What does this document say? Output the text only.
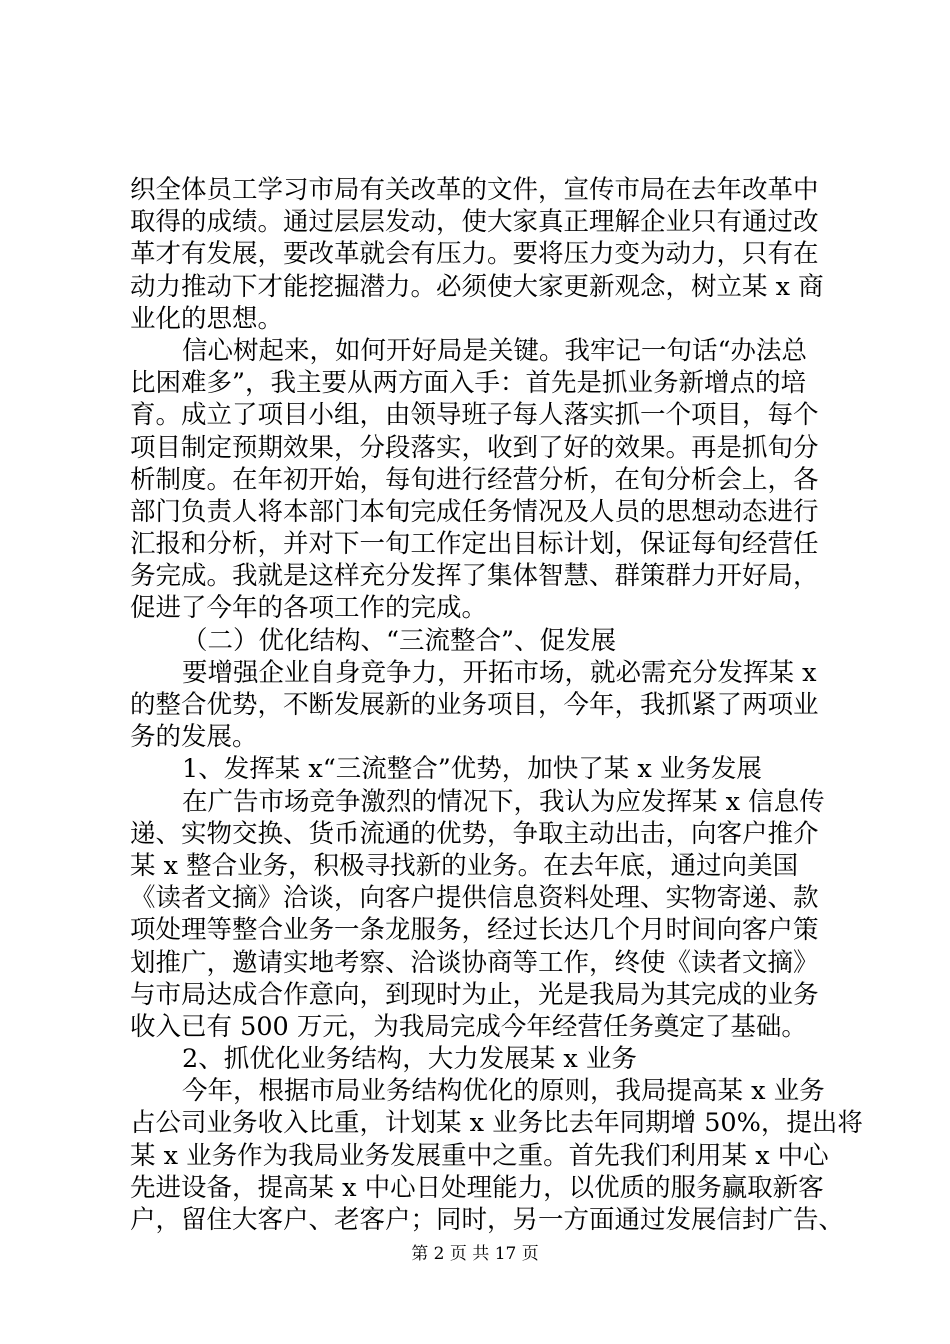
织全体员工学习市局有关改革的文件，宣传市局在去年改革中
取得的成绩。通过层层发动，使大家真正理解企业只有通过改
革才有发展，要改革就会有压力。要将压力变为动力，只有在
动力推动下才能挖掘潜力。必须使大家更新观念，树立某 x 商
业化的思想。
信心树起来，如何开好局是关键。我牢记一句话“办法总
比困难多”，我主要从两方面入手：首先是抓业务新增点的培
育。成立了项目小组，由领导班子每人落实抓一个项目，每个
项目制定预期效果，分段落实，收到了好的效果。再是抓旬分
析制度。在年初开始，每旬进行经营分析，在旬分析会上，各
部门负责人将本部门本旬完成任务情况及人员的思想动态进行
汇报和分析，并对下一旬工作定出目标计划，保证每旬经营任
务完成。我就是这样充分发挥了集体智慧、群策群力开好局，
促进了今年的各项工作的完成。
（二）优化结构、“三流整合”、促发展
要增强企业自身竞争力，开拓市场，就必需充分发挥某 x
的整合优势，不断发展新的业务项目，今年，我抓紧了两项业
务的发展。
1、发挥某 x“三流整合”优势，加快了某 x 业务发展
在广告市场竞争激烈的情况下，我认为应发挥某 x 信息传
递、实物交换、货币流通的优势，争取主动出击，向客户推介
某 x 整合业务，积极寻找新的业务。在去年底，通过向美国
《读者文摘》洽谈，向客户提供信息资料处理、实物寄递、款
项处理等整合业务一条龙服务，经过长达几个月时间向客户策
划推广，邀请实地考察、洽谈协商等工作，终使《读者文摘》
与市局达成合作意向，到现时为止，光是我局为其完成的业务
收入已有 500 万元，为我局完成今年经营任务奠定了基础。
2、抓优化业务结构，大力发展某 x 业务
今年，根据市局业务结构优化的原则，我局提高某 x 业务
占公司业务收入比重，计划某 x 业务比去年同期增 50%，提出将
某 x 业务作为我局业务发展重中之重。首先我们利用某 x 中心
先进设备，提高某 x 中心日处理能力，以优质的服务赢取新客
户，留住大客户、老客户；同时，另一方面通过发展信封广告、
第 2 页 共 17 页
